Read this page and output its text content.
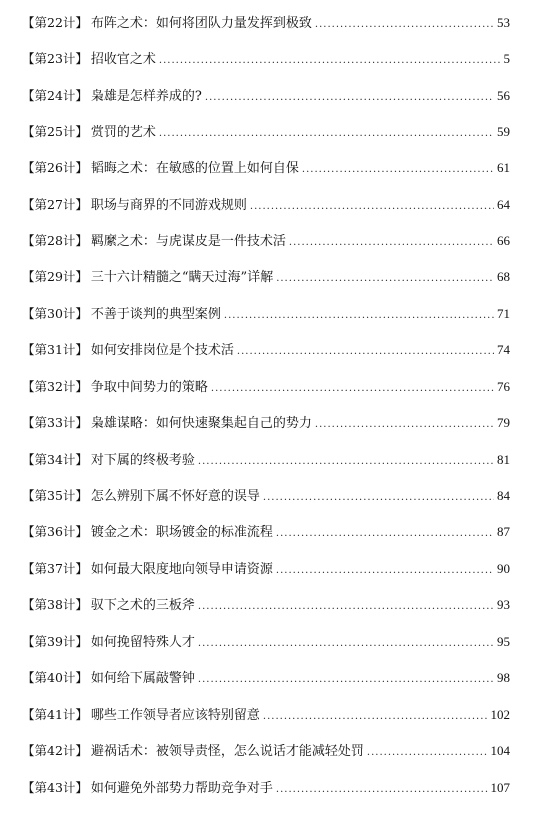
【第22计】 布阵之术：如何将团队力量发挥到极致 .....	53
【第23计】 招收官之术 .....	5
【第24计】 枭雄是怎样养成的? .....	56
【第25计】 赏罚的艺术 .....	59
【第26计】 韬晦之术：在敏感的位置上如何自保 .....	61
【第27计】 职场与商界的不同游戏规则 .....	64
【第28计】 羁縻之术：与虎谋皮是一件技术活 .....	66
【第29计】 三十六计精髓之“瞒天过海”详解 .....	68
【第30计】 不善于谈判的典型案例 .....	71
【第31计】 如何安排岗位是个技术活 .....	74
【第32计】 争取中间势力的策略 .....	76
【第33计】 枭雄谋略：如何快速聚集起自己的势力 .....	79
【第34计】 对下属的终极考验 .....	81
【第35计】 怎么辨别下属不怀好意的误导 .....	84
【第36计】 镀金之术：职场镀金的标准流程 .....	87
【第37计】 如何最大限度地向领导申请资源 .....	90
【第38计】 驭下之术的三板斧 .....	93
【第39计】 如何挽留特殊人才 .....	95
【第40计】 如何给下属敲警钟 .....	98
【第41计】 哪些工作领导者应该特别留意 .....	102
【第42计】 避祸话术：被领导责怪，怎么说话才能减轻处罚 .....	104
【第43计】 如何避免外部势力帮助竞争对手 .....	107
